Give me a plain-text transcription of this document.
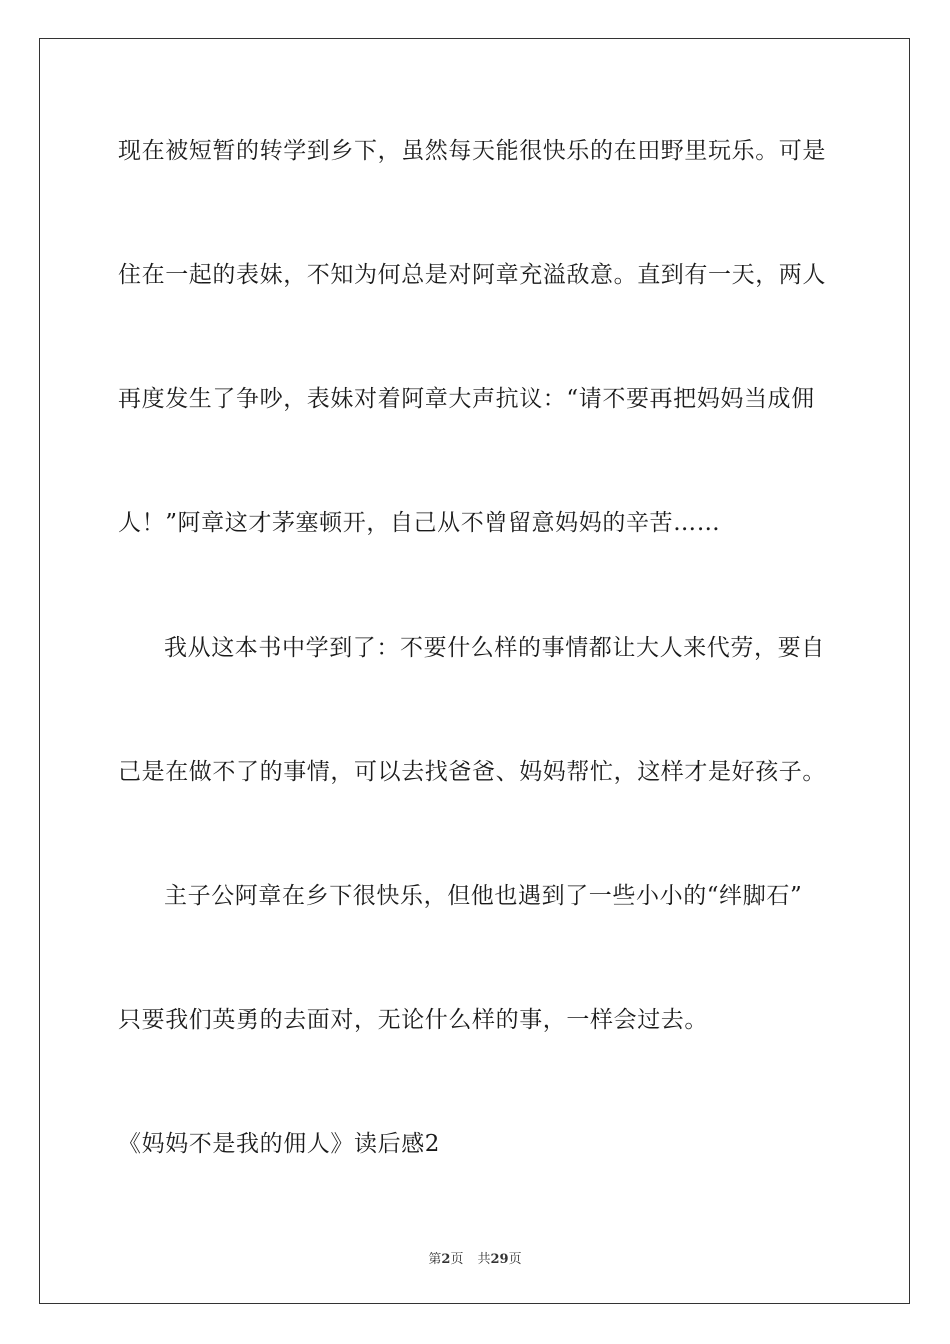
现在被短暂的转学到乡下，虽然每天能很快乐的在田野里玩乐。可是
住在一起的表妹，不知为何总是对阿章充溢敌意。直到有一天，两人
再度发生了争吵，表妹对着阿章大声抗议：“请不要再把妈妈当成佣
人！”阿章这才茅塞顿开，自己从不曾留意妈妈的辛苦……
我从这本书中学到了：不要什么样的事情都让大人来代劳，要自
己是在做不了的事情，可以去找爸爸、妈妈帮忙，这样才是好孩子。
主子公阿章在乡下很快乐，但他也遇到了一些小小的“绊脚石”
只要我们英勇的去面对，无论什么样的事，一样会过去。
《妈妈不是我的佣人》读后感2
第2页 共29页
